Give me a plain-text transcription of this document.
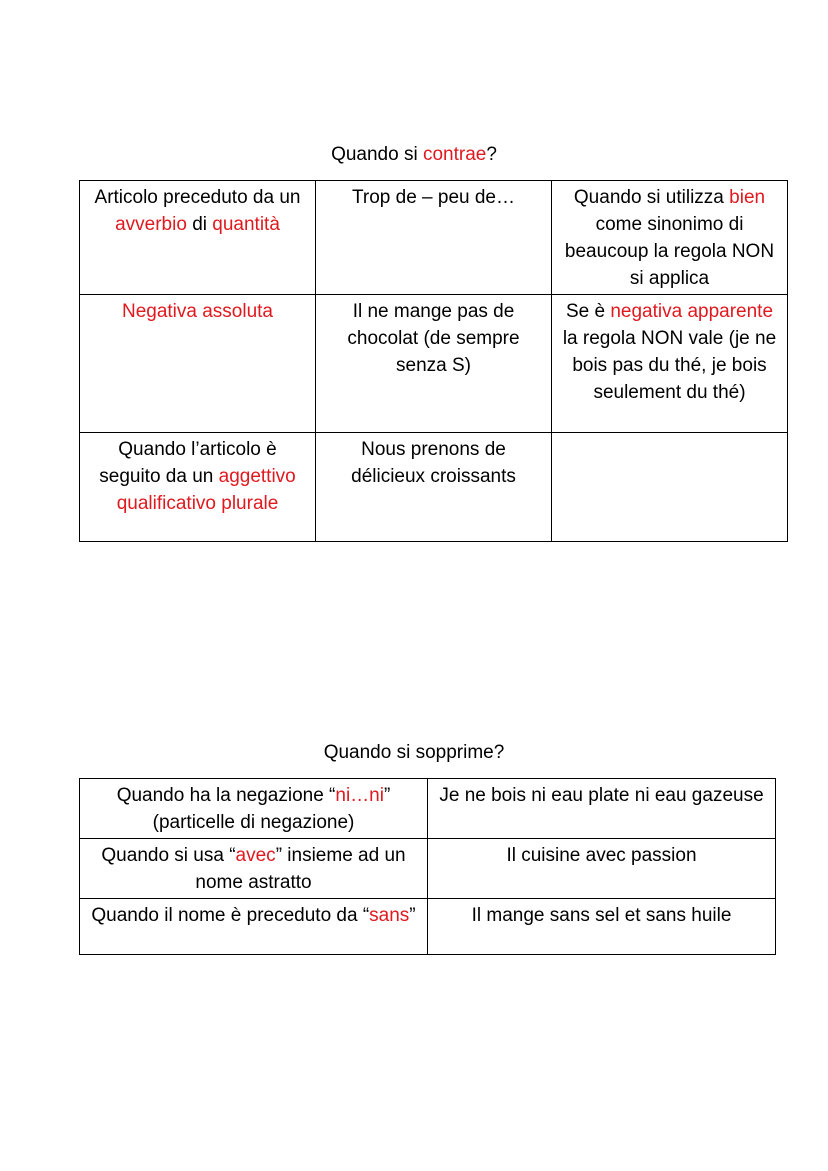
Quando si contrae?
Articolo preceduto da un avverbio di quantità	Trop de – peu de…	Quando si utilizza bien come sinonimo di beaucoup la regola NON si applica
Negativa assoluta	Il ne mange pas de chocolat (de sempre senza S)	Se è negativa apparente la regola NON vale (je ne bois pas du thé, je bois seulement du thé)
Quando l’articolo è seguito da un aggettivo qualificativo plurale	Nous prenons de délicieux croissants	
Quando si sopprime?
Quando ha la negazione “ni…ni” (particelle di negazione)	Je ne bois ni eau plate ni eau gazeuse
Quando si usa “avec” insieme ad un nome astratto	Il cuisine avec passion
Quando il nome è preceduto da “sans”	Il mange sans sel et sans huile
